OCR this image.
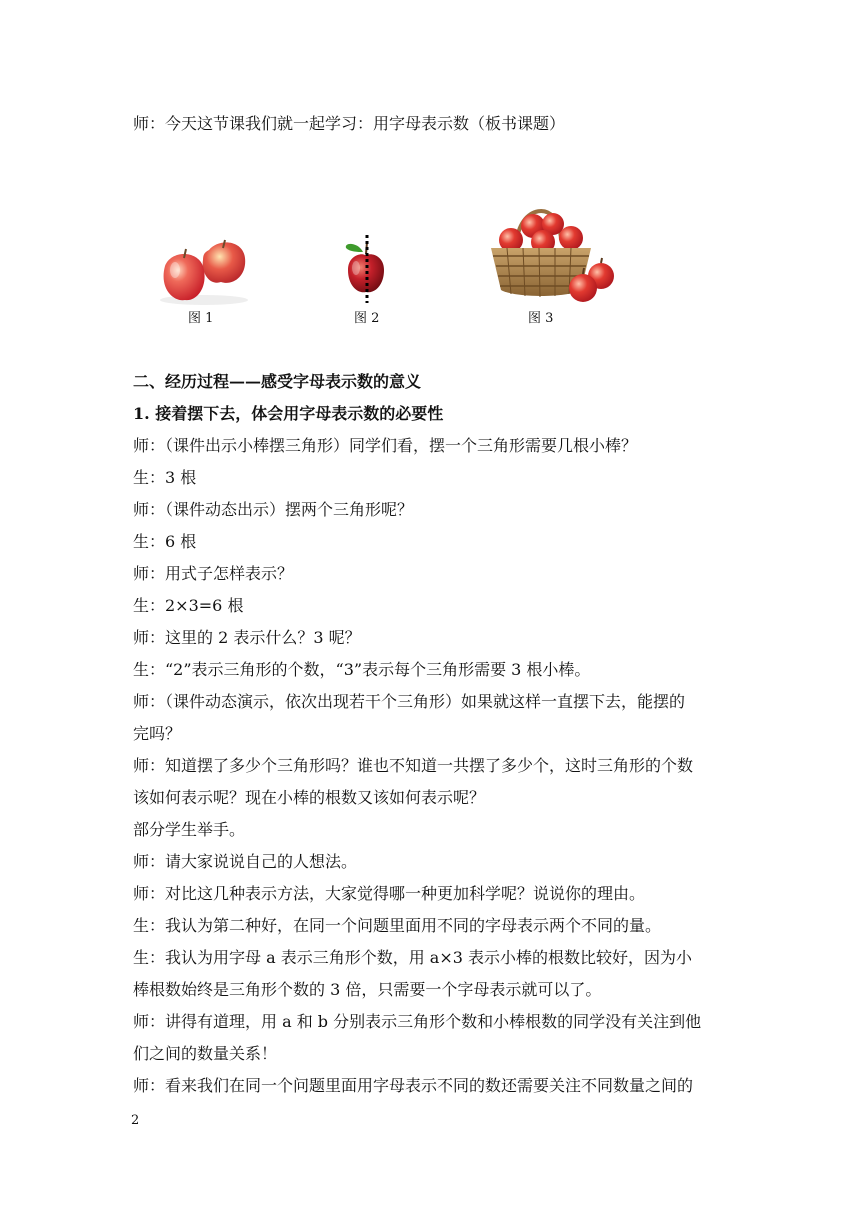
师：今天这节课我们就一起学习：用字母表示数（板书课题）
图 1	图 2	图 3
二、经历过程——感受字母表示数的意义
1. 接着摆下去，体会用字母表示数的必要性
师：（课件出示小棒摆三角形）同学们看，摆一个三角形需要几根小棒？
生：3 根
师：（课件动态出示）摆两个三角形呢？
生：6 根
师：用式子怎样表示？
生：2×3=6 根
师：这里的 2 表示什么？3 呢？
生：“2”表示三角形的个数，“3”表示每个三角形需要 3 根小棒。
师：（课件动态演示，依次出现若干个三角形）如果就这样一直摆下去，能摆的
完吗？
师：知道摆了多少个三角形吗？谁也不知道一共摆了多少个，这时三角形的个数
该如何表示呢？现在小棒的根数又该如何表示呢？
部分学生举手。
师：请大家说说自己的人想法。
师：对比这几种表示方法，大家觉得哪一种更加科学呢？说说你的理由。
生：我认为第二种好，在同一个问题里面用不同的字母表示两个不同的量。
生：我认为用字母 a 表示三角形个数，用 a×3 表示小棒的根数比较好，因为小
棒根数始终是三角形个数的 3 倍，只需要一个字母表示就可以了。
师：讲得有道理，用 a 和 b 分别表示三角形个数和小棒根数的同学没有关注到他
们之间的数量关系！
师：看来我们在同一个问题里面用字母表示不同的数还需要关注不同数量之间的
2
